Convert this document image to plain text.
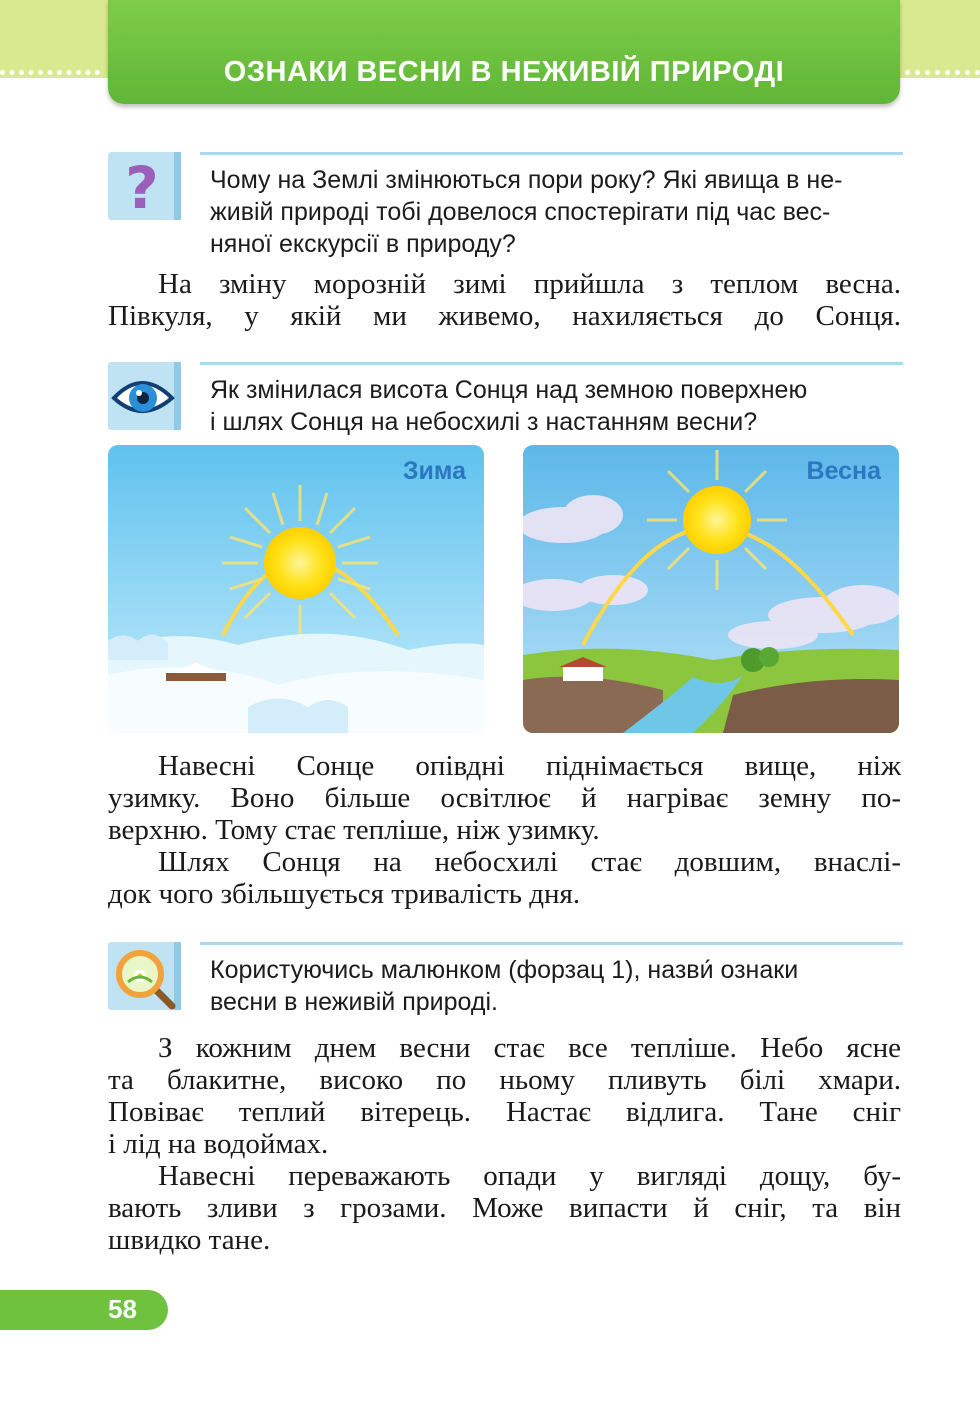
ОЗНАКИ ВЕСНИ В НЕЖИВІЙ ПРИРОДІ
? Чому на Землі змінюються пори року? Які явища в не-
живій природі тобі довелося спостерігати під час вес-
няної екскурсії в природу?

На зміну морозній зимі прийшла з теплом весна.

Півкуля, у якій ми живемо, нахиляється до Сонця.

Як змінилася висота Сонця над земною поверхнею
і шлях Сонця на небосхилі з настанням весни?
Зима	Весна

Навесні Сонце опівдні піднімається вище, ніж

узимку. Воно більше освітлює й нагріває земну по-

верхню. Тому стає тепліше, ніж узимку.

Шлях Сонця на небосхилі стає довшим, внаслі-

док чого збільшується тривалість дня.

Користуючись малюнком (форзац 1), назви́ ознаки
весни в неживій природі.

З кожним днем весни стає все тепліше. Небо ясне

та блакитне, високо по ньому пливуть білі хмари.

Повіває теплий вітерець. Настає відлига. Тане сніг

і лід на водоймах.

Навесні переважають опади у вигляді дощу, бу-

вають зливи з грозами. Може випасти й сніг, та він

швидко тане.

58
